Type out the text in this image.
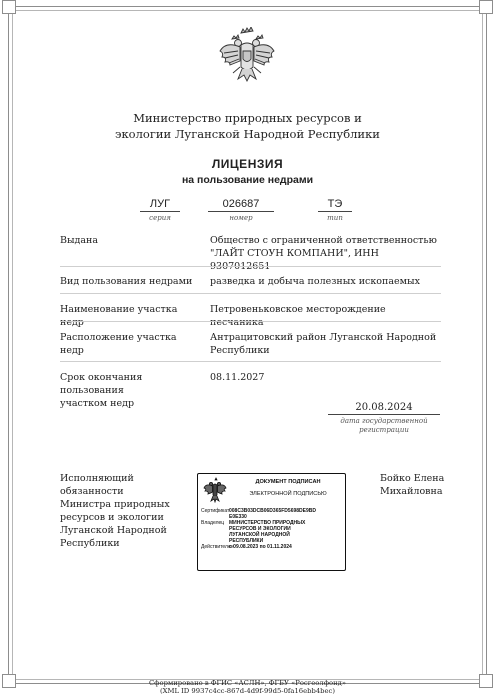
Министерство природных ресурсов и
экологии Луганской Народной Республики
ЛИЦЕНЗИЯ
на пользование недрами
ЛУГ
серия
026687
номер
ТЭ
тип
Выдана	Общество с ограниченной ответственностью
"ЛАЙТ СТОУН КОМПАНИ", ИНН 9307012651
Вид пользования недрами	разведка и добыча полезных ископаемых
Наименование участка недр
Петровеньковское месторождение песчаника
Расположение участка недр
Антрацитовский район Луганской Народной
Республики
Срок окончания пользования
участком недр
08.11.2027
20.08.2024
дата государственной
регистрации
Исполняющий обязанности
Министра природных
ресурсов и экологии
Луганской Народной
Республики
ДОКУМЕНТ ПОДПИСАН
ЭЛЕКТРОННОЙ ПОДПИСЬЮ
Сертификат 008C3B03DCB06D365FD5698DE9BD
E0E330
Владелец МИНИСТЕРСТВО ПРИРОДНЫХ
РЕСУРСОВ И ЭКОЛОГИИ
ЛУГАНСКОЙ НАРОДНОЙ
РЕСПУБЛИКИ
Действителен
с 09.08.2023 по 01.11.2024
Бойко Елена
Михайловна
Сформировано в ФГИС «АСЛН», ФГБУ «Росгеолфонд»
(XML ID 9937c4cc-867d-4d9f-99d5-0fa16ebb4bec)
